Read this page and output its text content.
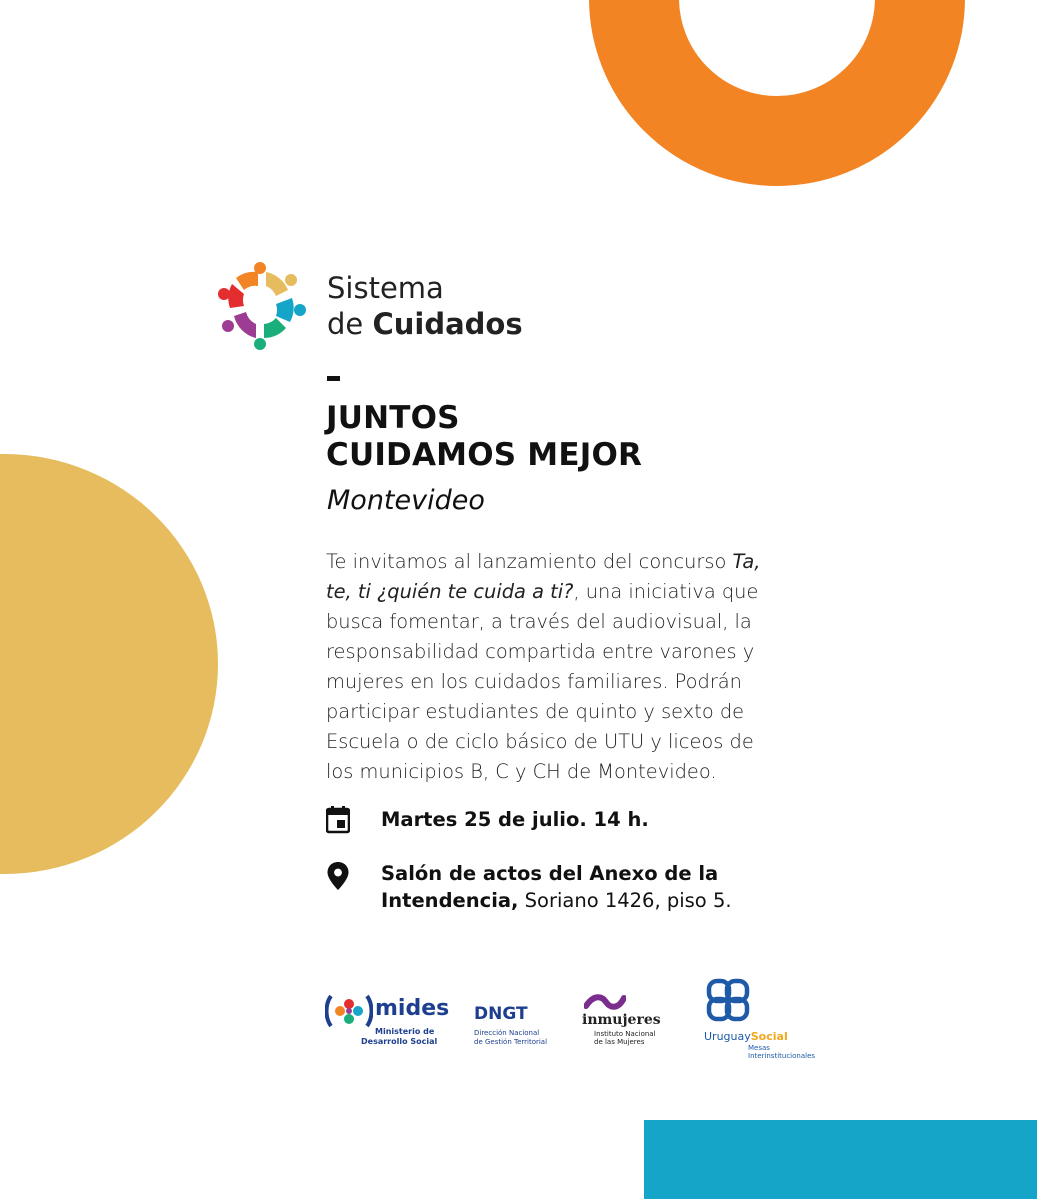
Sistema
de Cuidados
JUNTOS
CUIDAMOS MEJOR
Montevideo
Te invitamos al lanzamiento del concurso Ta, te, ti ¿quién te cuida a ti?, una iniciativa que busca fomentar, a través del audiovisual, la responsabilidad compartida entre varones y mujeres en los cuidados familiares. Podrán participar estudiantes de quinto y sexto de Escuela o de ciclo básico de UTU y liceos de los municipios B, C y CH de Montevideo.
Martes 25 de julio. 14 h.
Salón de actos del Anexo de la Intendencia, Soriano 1426, piso 5.
mides
Ministerio de
Desarrollo Social
DNGT
Dirección Nacional
de Gestión Territorial
inmujeres
Instituto Nacional
de las Mujeres	UruguaySocial
Mesas
Interinstitucionales
